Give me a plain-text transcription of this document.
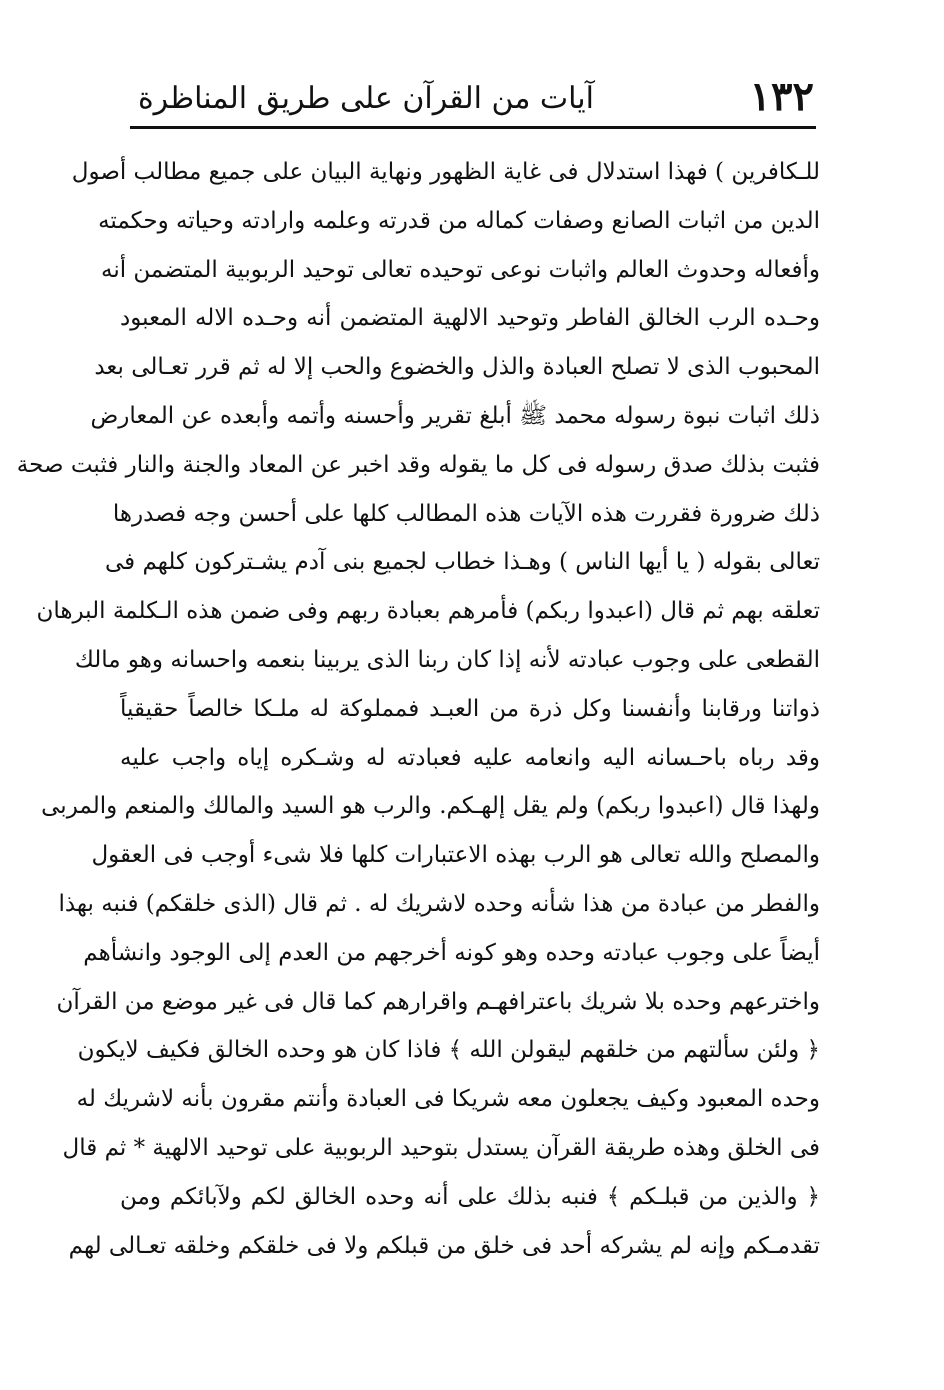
١٣٢
آيات من القرآن على طريق المناظرة
للـكافرين ) فهذا استدلال فى غاية الظهور ونهاية البيان على جميع مطالب أصول
الدين من اثبات الصانع وصفات كماله من قدرته وعلمه وارادته وحياته وحكمته
وأفعاله وحدوث العالم واثبات نوعى توحيده تعالى توحيد الربوبية المتضمن أنه
وحـده الرب الخالق الفاطر وتوحيد الالهية المتضمن أنه وحـده الاله المعبود
المحبوب الذى لا تصلح العبادة والذل والخضوع والحب إلا له ثم قرر تعـالى بعد
ذلك اثبات نبوة رسوله محمد ﷺ أبلغ تقرير وأحسنه وأتمه وأبعده عن المعارض
فثبت بذلك صدق رسوله فى كل ما يقوله وقد اخبر عن المعاد والجنة والنار فثبت صحة
ذلك ضرورة فقررت هذه الآيات هذه المطالب كلها على أحسن وجه فصدرها
تعالى بقوله ( يا أيها الناس ) وهـذا خطاب لجميع بنى آدم يشـتركون كلهم فى
تعلقه بهم ثم قال (اعبدوا ربكم) فأمرهم بعبادة ربهم وفى ضمن هذه الـكلمة البرهان
القطعى على وجوب عبادته لأنه إذا كان ربنا الذى يربينا بنعمه واحسانه وهو مالك
ذواتنا ورقابنا وأنفسنا وكل ذرة من العبـد فمملوكة له ملـكا خالصاً حقيقياً
وقد رباه باحـسانه اليه وانعامه عليه فعبادته له وشـكره إياه واجب عليه
ولهذا قال (اعبدوا ربكم) ولم يقل إلهـكم. والرب هو السيد والمالك والمنعم والمربى
والمصلح والله تعالى هو الرب بهذه الاعتبارات كلها فلا شىء أوجب فى العقول
والفطر من عبادة من هذا شأنه وحده لاشريك له . ثم قال (الذى خلقكم) فنبه بهذا
أيضاً على وجوب عبادته وحده وهو كونه أخرجهم من العدم إلى الوجود وانشأهم
واخترعهم وحده بلا شريك باعترافهـم واقرارهم كما قال فى غير موضع من القرآن
﴿ ولئن سألتهم من خلقهم ليقولن الله ﴾ فاذا كان هو وحده الخالق فكيف لايكون
وحده المعبود وكيف يجعلون معه شريكا فى العبادة وأنتم مقرون بأنه لاشريك له
فى الخلق وهذه طريقة القرآن يستدل بتوحيد الربوبية على توحيد الالهية * ثم قال
﴿ والذين من قبلـكم ﴾ فنبه بذلك على أنه وحده الخالق لكم ولآبائكم ومن
تقدمـكم وإنه لم يشركه أحد فى خلق من قبلكم ولا فى خلقكم وخلقه تعـالى لهم
